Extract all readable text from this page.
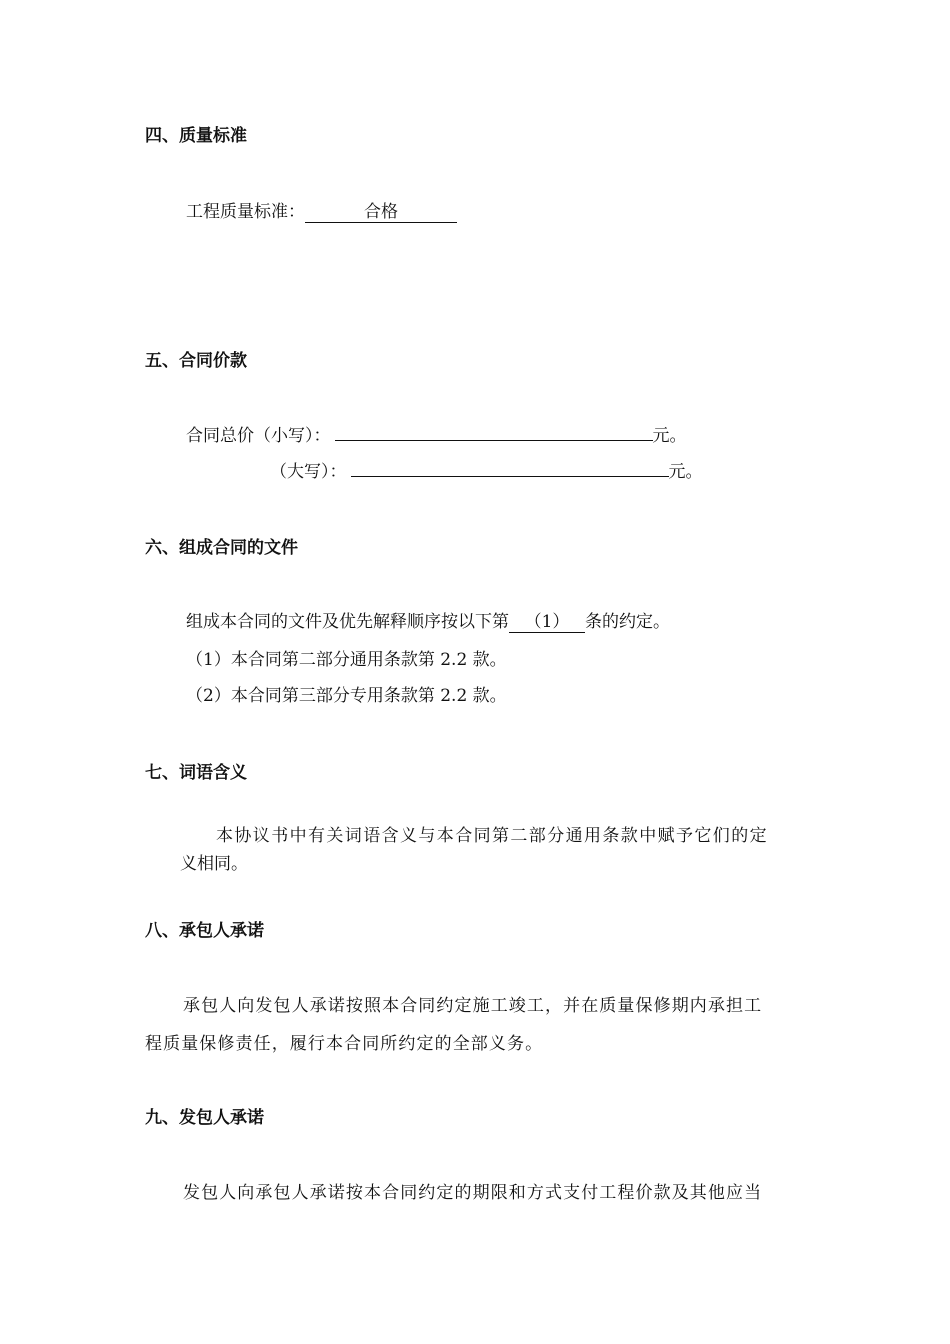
四、质量标准
工程质量标准：	合格
五、合同价款
合同总价（小写）：	元。
（大写）：	元。
六、组成合同的文件
组成本合同的文件及优先解释顺序按以下第 （1） 条的约定。
（1）本合同第二部分通用条款第 2.2 款。
（2）本合同第三部分专用条款第 2.2 款。
七、词语含义
本协议书中有关词语含义与本合同第二部分通用条款中赋予它们的定
义相同。
八、承包人承诺
承包人向发包人承诺按照本合同约定施工竣工，并在质量保修期内承担工
程质量保修责任，履行本合同所约定的全部义务。
九、发包人承诺
发包人向承包人承诺按本合同约定的期限和方式支付工程价款及其他应当
